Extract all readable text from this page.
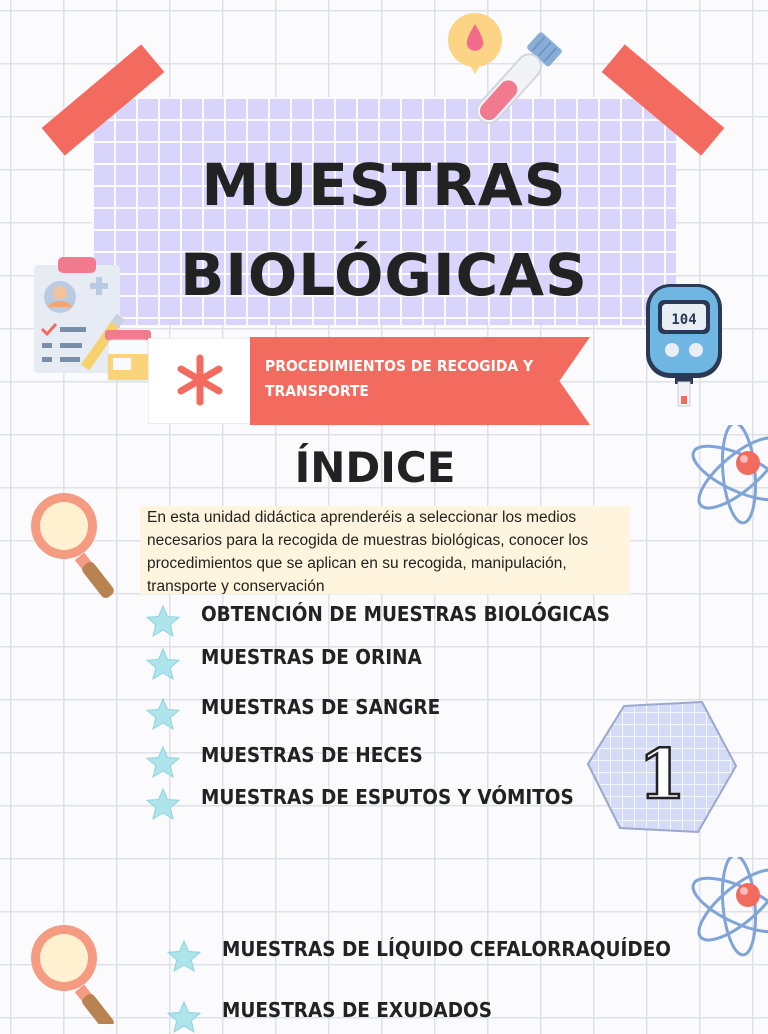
MUESTRAS
BIOLÓGICAS
104
PROCEDIMIENTOS DE RECOGIDA Y TRANSPORTE
ÍNDICE
En esta unidad didáctica aprenderéis a seleccionar los medios necesarios para la recogida de muestras biológicas, conocer los procedimientos que se aplican en su recogida, manipulación, transporte y conservación
1
OBTENCIÓN DE MUESTRAS BIOLÓGICAS
MUESTRAS DE ORINA
MUESTRAS DE SANGRE
MUESTRAS DE HECES
MUESTRAS DE ESPUTOS Y VÓMITOS
MUESTRAS DE LÍQUIDO CEFALORRAQUÍDEO
MUESTRAS DE EXUDADOS
